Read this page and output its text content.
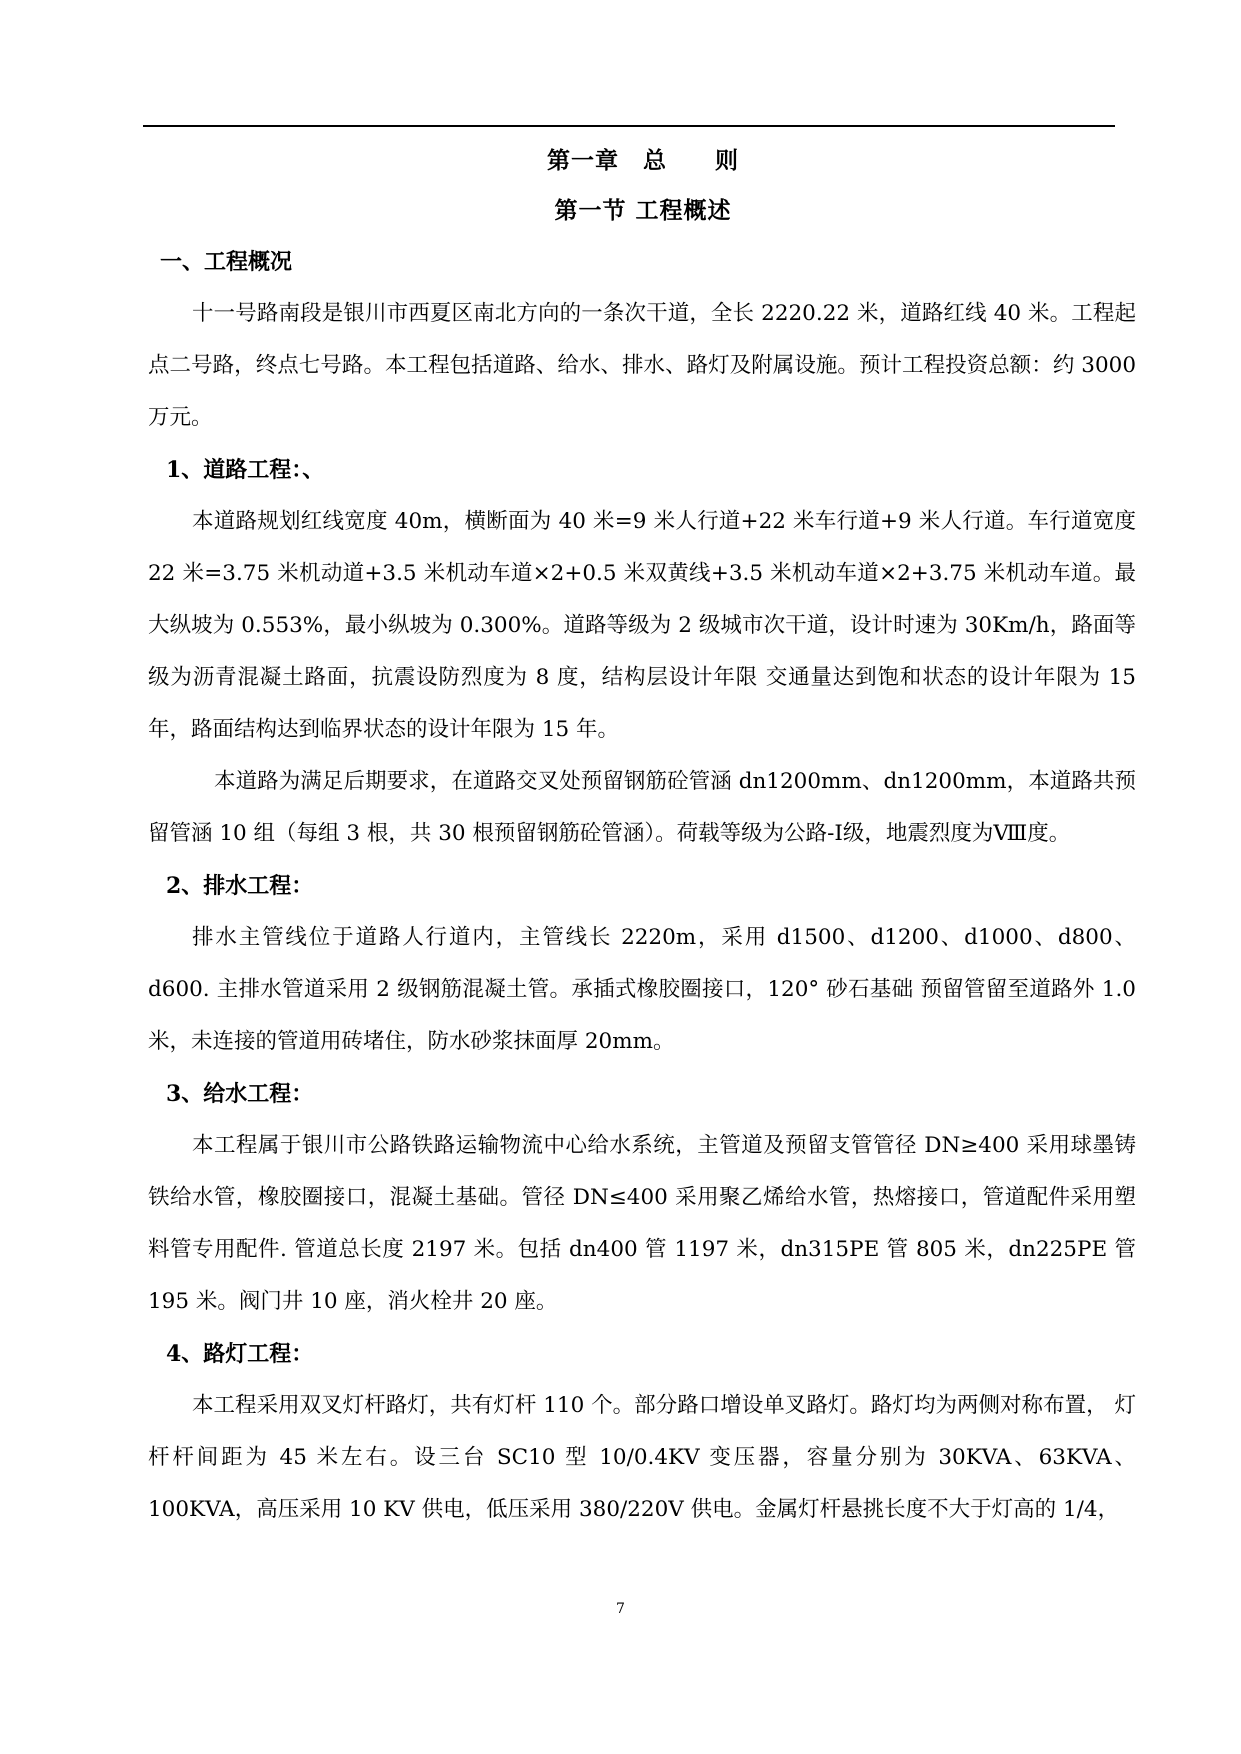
第一章　总　　则

第一节 工程概述

一、工程概况

十一号路南段是银川市西夏区南北方向的一条次干道，全长 2220.22 米，道路红线 40 米。工程起点二号路，终点七号路。本工程包括道路、给水、排水、路灯及附属设施。预计工程投资总额：约 3000 万元。

1、道路工程：、

本道路规划红线宽度 40m，横断面为 40 米=9 米人行道+22 米车行道+9 米人行道。车行道宽度 22 米=3.75 米机动道+3.5 米机动车道×2+0.5 米双黄线+3.5 米机动车道×2+3.75 米机动车道。最大纵坡为 0.553%，最小纵坡为 0.300%。道路等级为 2 级城市次干道，设计时速为 30Km/h，路面等级为沥青混凝土路面，抗震设防烈度为 8 度，结构层设计年限 交通量达到饱和状态的设计年限为 15 年，路面结构达到临界状态的设计年限为 15 年。

本道路为满足后期要求，在道路交叉处预留钢筋砼管涵 dn1200mm、dn1200mm，本道路共预留管涵 10 组（每组 3 根，共 30 根预留钢筋砼管涵）。荷载等级为公路-Ⅰ级，地震烈度为Ⅷ度。

2、排水工程：

排水主管线位于道路人行道内，主管线长 2220m，采用 d1500、d1200、d1000、d800、d600. 主排水管道采用 2 级钢筋混凝土管。承插式橡胶圈接口，120° 砂石基础 预留管留至道路外 1.0 米，未连接的管道用砖堵住，防水砂浆抹面厚 20mm。

3、给水工程：

本工程属于银川市公路铁路运输物流中心给水系统，主管道及预留支管管径 DN≥400 采用球墨铸铁给水管，橡胶圈接口，混凝土基础。管径 DN≤400 采用聚乙烯给水管，热熔接口，管道配件采用塑料管专用配件. 管道总长度 2197 米。包括 dn400 管 1197 米，dn315PE 管 805 米，dn225PE 管 195 米。阀门井 10 座，消火栓井 20 座。

4、路灯工程：

本工程采用双叉灯杆路灯，共有灯杆 110 个。部分路口增设单叉路灯。路灯均为两侧对称布置， 灯杆杆间距为 45 米左右。设三台 SC10 型 10/0.4KV 变压器，容量分别为 30KVA、63KVA、100KVA，高压采用 10 KV 供电，低压采用 380/220V 供电。金属灯杆悬挑长度不大于灯高的 1/4，

7
